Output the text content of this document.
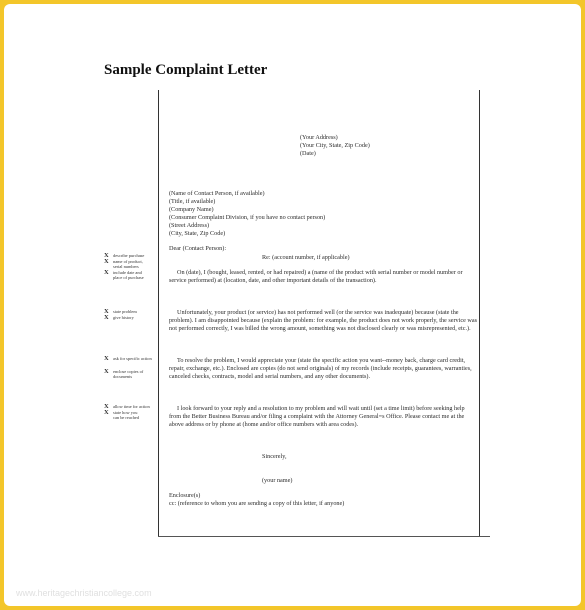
Sample Complaint Letter
(Your Address)
(Your City, State, Zip Code)
(Date)
(Name of Contact Person, if available)
(Title, if available)
(Company Name)
(Consumer Complaint Division, if you have no contact person)
(Street Address)
(City, State, Zip Code)
Dear (Contact Person):
Re: (account number, if applicable)
On (date), I (bought, leased, rented, or had repaired) a (name of the product with serial number or model number or service performed) at (location, date, and other important details of the transaction).
Unfortunately, your product (or service) has not performed well (or the service was inadequate) because (state the problem). I am disappointed because (explain the problem: for example, the product does not work properly, the service was not performed correctly, I was billed the wrong amount, something was not disclosed clearly or was misrepresented, etc.).
To resolve the problem, I would appreciate your (state the specific action you want--money back, charge card credit, repair, exchange, etc.). Enclosed are copies (do not send originals) of my records (include receipts, guarantees, warranties, canceled checks, contracts, model and serial numbers, and any other documents).
I look forward to your reply and a resolution to my problem and will wait until (set a time limit) before seeking help from the Better Business Bureau and/or filing a complaint with the Attorney General=s Office. Please contact me at the above address or by phone at (home and/or office numbers with area codes).
Sincerely,
(your name)
Enclosure(s)
cc: (reference to whom you are sending a copy of this letter, if anyone)
X describe purchase
X name of product,
serial numbers
X include date and
place of purchase
X state problem
X give history
X ask for specific action
X enclose copies of
documents
X allow time for action
X state how you
can be reached
www.heritagechristiancollege.com
